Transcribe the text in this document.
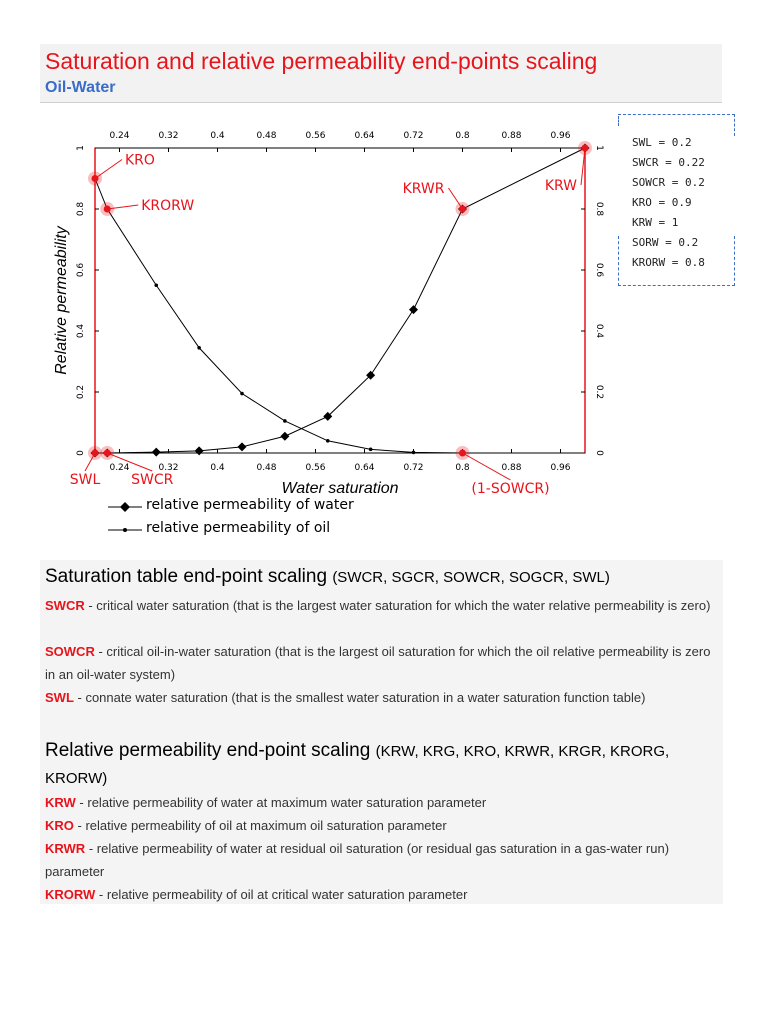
Saturation and relative permeability end-points scaling
Oil-Water
0.24
0.24
0.32
0.32
0.4
0.4
0.48
0.48
0.56
0.56
0.64
0.64
0.72
0.72
0.8
0.8
0.88
0.88
0.96
0.96
0	0
0.2	0.2
0.4	0.4
0.6	0.6
0.8	0.8
1	1
Water saturation
Relative permeability
KRO
KRORW
KRWR	KRW
SWL SWCR
(1-SOWCR)
SWL = 0.2
SWCR = 0.22
SOWCR = 0.2
KRO = 0.9
KRW = 1
SORW = 0.2
KRORW = 0.8
relative permeability of water
relative permeability of oil
Saturation table end-point scaling (SWCR, SGCR, SOWCR, SOGCR, SWL)
SWCR - critical water saturation (that is the largest water saturation for which the water relative permeability is zero)
SOWCR - critical oil-in-water saturation (that is the largest oil saturation for which the oil relative permeability is zero in an oil-water system)
SWL - connate water saturation (that is the smallest water saturation in a water saturation function table)
Relative permeability end-point scaling (KRW, KRG, KRO, KRWR, KRGR, KRORG, KRORW)
KRW - relative permeability of water at maximum water saturation parameter
KRO - relative permeability of oil at maximum oil saturation parameter
KRWR - relative permeability of water at residual oil saturation (or residual gas saturation in a gas-water run) parameter
KRORW - relative permeability of oil at critical water saturation parameter
